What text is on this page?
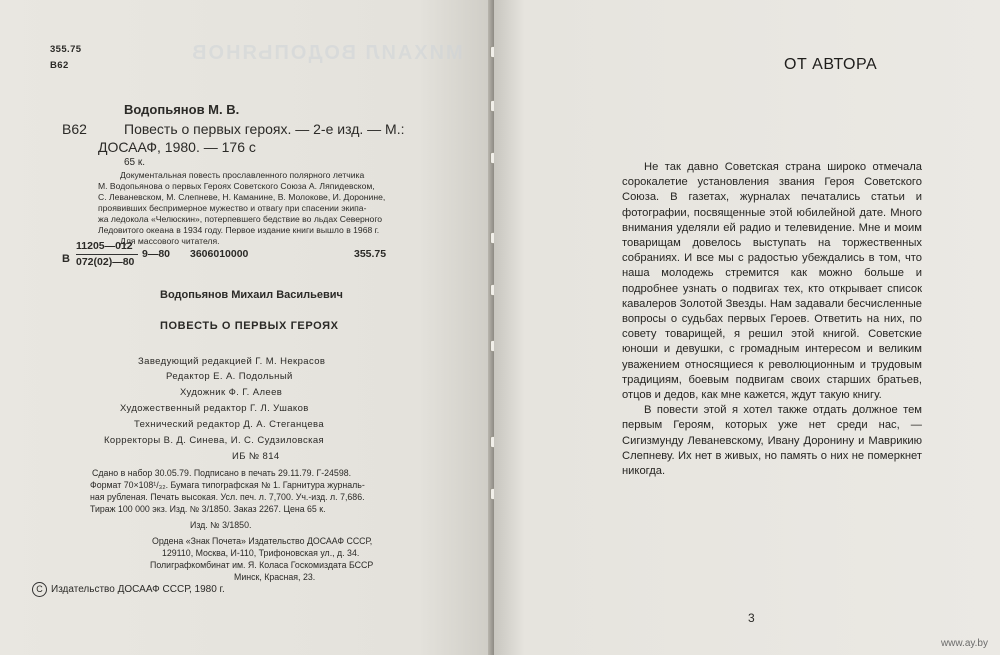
МИХАИЛ ВОДОПЬЯНОВ
355.75
В62
Водопьянов М. В.
В62	Повесть о первых героях. — 2-е изд. — М.:
ДОСААФ, 1980. — 176 с
65 к.
Документальная повесть прославленного полярного летчика
М. Водопьянова о первых Героях Советского Союза А. Ляпидевском,
С. Леваневском, М. Слепневе, Н. Каманине, В. Молокове, И. Доронине,
проявивших беспримерное мужество и отвагу при спасении экипа-
жа ледокола «Челюскин», потерпевшего бедствие во льдах Северного
Ледовитого океана в 1934 году. Первое издание книги вышло в 1968 г.
Для массового читателя.
В
11205—012
072(02)—80
9—80 3606010000	355.75
Водопьянов Михаил Васильевич
ПОВЕСТЬ О ПЕРВЫХ ГЕРОЯХ
Заведующий редакцией Г. М. Некрасов
Редактор Е. А. Подольный
Художник Ф. Г. Алеев
Художественный редактор Г. Л. Ушаков
Технический редактор Д. А. Стеганцева
Корректоры В. Д. Синева, И. С. Судзиловская
ИБ № 814
Сдано в набор 30.05.79. Подписано в печать 29.11.79. Г-24598.
Формат 70×108¹/₃₂. Бумага типографская № 1. Гарнитура журналь-
ная рубленая. Печать высокая. Усл. печ. л. 7,700. Уч.-изд. л. 7,686.
Тираж 100 000 экз. Изд. № 3/1850. Заказ 2267. Цена 65 к.
Изд. № 3/1850.
Ордена «Знак Почета» Издательство ДОСААФ СССР,
129110, Москва, И-110, Трифоновская ул., д. 34.
Полиграфкомбинат им. Я. Коласа Госкомиздата БССР
Минск, Красная, 23.
C Издательство ДОСААФ СССР, 1980 г.
ОТ АВТОРА

Не так давно Советская страна широко отмечала сорокалетие установления звания Героя Советского Союза. В газетах, журналах печатались статьи и фотографии, посвященные этой юбилейной дате. Много внимания уделяли ей радио и телевидение. Мне и моим товарищам довелось выступать на торжественных собраниях. И все мы с радостью убеждались в том, что наша молодежь стремится как можно больше и подробнее узнать о подвигах тех, кто открывает список кавалеров Золотой Звезды. Нам задавали бесчисленные вопросы о судьбах первых Героев. Ответить на них, по совету товарищей, я решил этой книгой. Советские юноши и девушки, с громадным интересом и великим уважением относящиеся к революционным и трудовым традициям, боевым подвигам своих старших братьев, отцов и дедов, как мне кажется, ждут такую книгу.

В повести этой я хотел также отдать должное тем первым Героям, которых уже нет среди нас, — Сигизмунду Леваневскому, Ивану Доронину и Маврикию Слепневу. Их нет в живых, но память о них не померкнет никогда.

3
www.ay.by
